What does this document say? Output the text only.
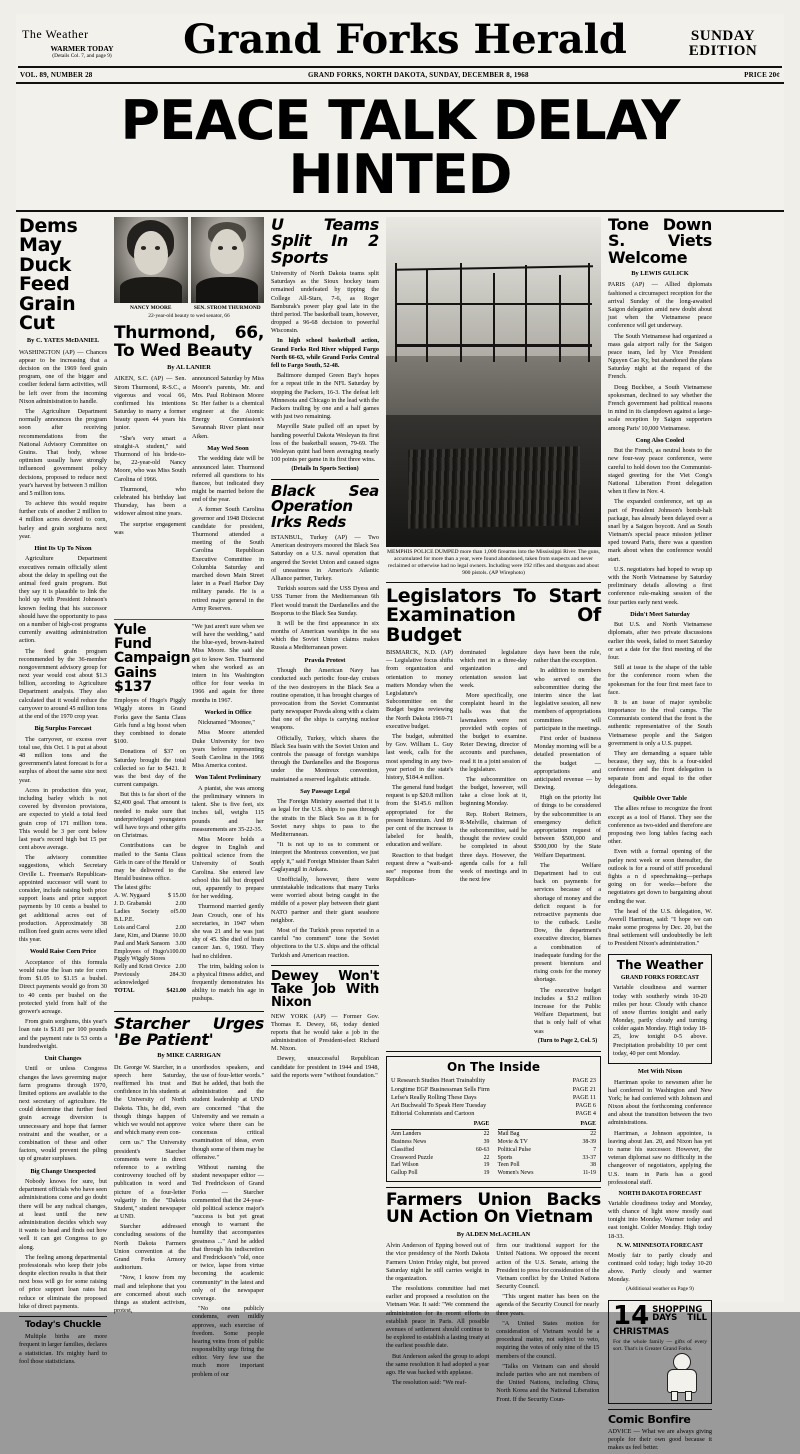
The Weather
WARMER TODAY
(Details Col. 7, and page 9)	Grand Forks Herald	SUNDAY
EDITION
VOL. 89, NUMBER 28	GRAND FORKS, NORTH DAKOTA, SUNDAY, DECEMBER 8, 1968	PRICE 20¢
PEACE TALK DELAY HINTED
Dems May Duck Feed Grain Cut
By C. YATES McDANIEL

WASHINGTON (AP) — Chances appear to be increasing that a decision on the 1969 feed grain program, one of the bigger and costlier federal farm activities, will be left over from the incoming Nixon administration to handle.

The Agriculture Department normally announces the program soon after receiving recommendations from the National Advisory Committee on Grains. That body, whose optimism usually have strongly influenced government policy decisions, proposed to reduce next year's harvest by between 3 million and 5 million tons.

To achieve this would require further cuts of another 2 million to 4 million acres devoted to corn, barley and grain sorghums next year.

Hint Its Up To Nixon

Agriculture Department executives remain officially silent about the delay in spelling out the animal feed grain program. But they say it is plausible to link the hold up with President Johnson's known feeling that his successor should have the opportunity to pass on a number of high-cost programs currently awaiting administration action.

The feed grain program recommended by the 36-member nongovernment advisory group for next year would cost about $1.3 billion, according to Agriculture Department analysis. They also calculated that it would reduce the carryover to around 45 million tons at the end of the 1970 crop year.

Big Surplus Forecast

The carryover, or excess over total use, this Oct. 1 is put at about 48 million tons and the government's latest forecast is for a surplus of about the same size next year.

Acres in production this year, including barley which is not covered by diversion provisions, are expected to yield a total feed grain crop of 171 million tons. This would be 3 per cent below last year's record high but 15 per cent above average.

The advisory committee suggestions, which Secretary Orville L. Freeman's Republican-appointed successor will want to consider, include raising both price support loans and price support payments by 10 cents a bushel to get additional acres out of production. Approximately 38 million feed grain acres were idled this year.

Would Raise Corn Price

Acceptance of this formula would raise the loan rate for corn from $1.05 to $1.15 a bushel. Direct payments would go from 30 to 40 cents per bushel on the protected yield from half of the grower's acreage.

From grain sorghums, this year's loan rate is $1.81 per 100 pounds and the payment rate is 53 cents a hundredweight.

Unit Changes

Until or unless Congress changes the laws governing major farm programs through 1970, limited options are available to the next secretary of agriculture. He could determine that further feed grain acreage diversion is unnecessary and hope that farmer restraint and the weather, or a combination of these and other factors, would prevent the piling up of greater surpluses.

Big Change Unexpected

Nobody knows for sure, but department officials who have seen administrations come and go doubt there will be any radical changes, at least until the new administration decides which way it wants to head and finds out how well it can get Congress to go along.

The feeling among departmental professionals who keep their jobs despite election results is that their next boss will go for some raising of price support loan rates but reduce or eliminate the proposed hike of direct payments.

Today's Chuckle

Multiple births are more frequent in larger families, declares a statistician. It's mighty hard to fool those statisticians.

NANCY MOORE	SEN. STROM THURMOND
22-year-old beauty to wed senator, 66
Thurmond, 66, To Wed Beauty
By AL LANIER

AIKEN, S.C. (AP) — Sen. Strom Thurmond, R-S.C., a vigorous and vocal 66, confirmed his intentions Saturday to marry a former beauty queen 44 years his junior.

"She's very smart a straight-A student," said Thurmond of his bride-to-be, 22-year-old Nancy Moore, who was Miss South Carolina of 1966.

Thurmond, who celebrated his birthday last Thursday, has been a widower almost nine years.

The surprise engagement was

announced Saturday by Miss Moore's parents, Mr. and Mrs. Paul Robinson Moore Sr. Her father is a chemical engineer at the Atomic Energy Commission's Savannah River plant near Aiken.

May Wed Soon

The wedding date will be announced later. Thurmond referred all questions to his fiancee, but indicated they might be married before the end of the year.

A former South Carolina governor and 1948 Dixiecrat candidate for president, Thurmond attended a meeting of the South Carolina Republican Executive Committee in Columbia Saturday and marched down Main Street later in a Pearl Harbor Day military parade. He is a retired major general in the Army Reserves.

Yule Fund Campaign Gains $137

Employes of Hugo's Piggly Wiggly stores in Grand Forks gave the Santa Claus Girls fund a big boost when they combined to donate $100.

Donations of $37 on Saturday brought the total collected so far to $421. It was the best day of the current campaign.

But this is far short of the $2,400 goal. That amount is needed to make sure that underprivileged youngsters will have toys and other gifts on Christmas.

Contributions can be mailed to the Santa Claus Girls in care of the Herald or may be delivered to the Herald business office.

The latest gifts:
A. W. Nygaard	$ 15.00
J. D. Grabanski	2.00
Ladies Society of B.L.P.E.
5.00
Lois and Carol	2.00
Jane, Kim, and Dianne 10.00
Paul and Mark Sansom 3.00
Employees of Hugo's Piggly Wiggly Stores
100.00
Kelly and Kristi Orvice 2.00
Previously acknowledged
284.30
TOTAL	$421.00

"We just aren't sure when we will have the wedding," said the blue-eyed, brown-haired Miss Moore. She said she got to know Sen. Thurmond when she worked as an intern in his Washington office for four weeks in 1966 and again for three months in 1967.

Worked in Office

Nicknamed "Moonee,"

Miss Moore attended Duke University for two years before representing South Carolina in the 1966 Miss America contest.

Won Talent Preliminary

A pianist, she was among the preliminary winners in talent. She is five feet, six inches tall, weighs 115 pounds and her measurements are 35-22-35.

Miss Moore holds a degree in English and political science from the University of South Carolina. She entered law school this fall but dropped out, apparently to prepare for her wedding.

Thurmond married gently Jean Crouch, one of his secretaries, in 1947 when she was 21 and he was just shy of 45. She died of brain cancer Jan. 6, 1960. They had no children.

The trim, balding solon is a physical fitness addict, and frequently demonstrates his ability to match his age in pushups.

Starcher Urges 'Be Patient'
By MIKE CARRIGAN

Dr. George W. Starcher, in a speech here Saturday, reaffirmed his trust and confidence in his students at the University of North Dakota. This, he did, even though things happen of which we would not approve and which many even con-

cern us." The University president's Starcher comments were in direct reference to a swirling controversy touched off by publication in word and picture of a four-letter vulgarity in the "Dakota Student," student newspaper at UND.

Starcher addressed concluding sessions of the North Dakota Farmers Union convention at the Grand Forks Armory auditorium.

"Now, I know from my mail and telephone that you are concerned about such things as student activism, protest,

unorthodox speakers, and the use of four-letter words." But he added, that both the administration and the student leadership at UND are concerned "that the University and we remain a voice where there can be concensus critical examination of ideas, even though some of them may be offensive."

Without naming the student newspaper editor — Ted Fredrickson of Grand Forks — Starcher commented that the 24-year-old political science major's "success is but yet great enough to warrant the humility that accompanies greatness ..." And he added that through his indiscretion and Fredrickson's "old, once or twice, lapse from virtue becoming the academic community" in the latest and only of the newspaper coverage.

"No one publicly condemns, even mildly approves, such exercise of freedom. Some people hearing veins from of public responsibility urge firing the editor. Very few use the much more important problem of our

U Teams Split In 2 Sports

University of North Dakota teams split Saturdays as the Sioux hockey team remained undefeated by tipping the College All-Stars, 7-6, as Roger Bamburak's power play goal late in the third period. The basketball team, however, dropped a 96-68 decision to powerful Wisconsin.

In high school basketball action, Grand Forks Red River whipped Fargo North 66-63, while Grand Forks Central fell to Fargo South, 52-48.

Baltimore dumped Green Bay's hopes for a repeat title in the NFL Saturday by stopping the Packers, 16-3. The defeat left Minnesota and Chicago in the lead with the Packers trailing by one and a half games with just two remaining.

Mayville State pulled off an upset by handing powerful Dakota Wesleyan its first loss of the basketball season, 79-69. The Wesleyan quint had been averaging nearly 100 points per game in its first three wins.

(Details In Sports Section)
Black Sea Operation Irks Reds

ISTANBUL, Turkey (AP) — Two American destroyers moored the Black Sea Saturday on a U.S. naval operation that angered the Soviet Union and caused signs of uneasiness in America's Atlantic Alliance partner, Turkey.

Turkish sources said the USS Dyess and USS Turner from the Mediterranean 6th Fleet would transit the Dardanelles and the Bosporus to the Black Sea Sunday.

It will be the first appearance in six months of American warships in the sea which the Soviet Union claims makes Russia a Mediterranean power.

Pravda Protest

Though the American Navy has conducted such periodic four-day cruises of the two destroyers in the Black Sea a routine operation, it has brought charges of provocation from the Soviet Communist party newspaper Pravda along with a claim that one of the ships is carrying nuclear weapons.

Officially, Turkey, which shares the Black Sea basin with the Soviet Union and controls the passage of foreign warships through the Dardanelles and the Bosporus under the Montreux convention, maintained a reserved legalistic attitude.

Say Passage Legal

The Foreign Ministry asserted that it is as legal for the U.S. ships to pass through the straits in the Black Sea as it is for Soviet navy ships to pass to the Mediterranean.

"It is not up to us to comment or interpret the Montreux convention, we just apply it," said Foreign Minister Ihsan Sabri Caglayangil in Ankara.

Unofficially, however, there were unmistakable indications that many Turks were worried about being caught in the middle of a power play between their giant NATO partner and their giant seashore neighbor.

Most of the Turkish press reported in a careful "no comment" tone the Soviet objections to the U.S. ships and the official Turkish and American reaction.

Dewey Won't Take Job With Nixon

NEW YORK (AP) — Former Gov. Thomas E. Dewey, 66, today denied reports that he would take a job in the administration of President-elect Richard M. Nixon.

Dewey, unsuccessful Republican candidate for president in 1944 and 1948, said the reports were "without foundation."

MEMPHIS POLICE DUMPED more than 1,000 firearms into the Mississippi River. The guns, accumulated for more than a year, were found abandoned, taken from suspects and never reclaimed or otherwise had no legal owners. Including were 192 rifles and shotguns and about 900 pistols. (AP Wirephoto)
Legislators To Start Examination Of Budget

BISMARCK, N.D. (AP) — Legislative focus shifts from organization and orientation to money matters Monday when the Legislature's Subcommittee on the Budget begins reviewing the North Dakota 1969-71 executive budget.

The budget, submitted by Gov. William L. Guy last week, calls for the most spending in any two-year period in the state's history, $184.4 million.

The general fund budget request is up $20.8 million from the $145.6 million appropriated for the present biennium. And 89 per cent of the increase is labeled for health, education and welfare.

Reaction to that budget request drew a "wait-and-see" response from the Republican-

dominated legislature which met in a three-day organization and orientation session last week.

More specifically, one complaint heard in the halls was that the lawmakers were not provided with copies of the budget to examine. Reier Dewing, director of accounts and purchases, read it in a joint session of the legislature.

The subcommittee on the budget, however, will take a close look at it, beginning Monday.

Rep. Robert Reimers, R-Melville, chairman of the subcommittee, said he thought the review could be completed in about three days. However, the agenda calls for a full week of meetings and in the next few

days have been the rule, rather than the exception.

In addition to members who served on the subcommittee during the interim since the last legislative session, all new members of appropriations committees will participate in the meetings.

First order of business Monday morning will be a detailed presentation of the budget — appropriations and anticipated revenue — by Dewing.

High on the priority list of things to be considered by the subcommittee is an emergency deficit appropriation request of between $500,000 and $500,000 by the State Welfare Department.

The Welfare Department had to cut back on payments for services because of a shortage of money and the deficit request is for retroactive payments due to the cutback. Leslie Dow, the department's executive director, blames a combination of inadequate funding for the present biennium and rising costs for the money shortage.

The executive budget includes a $3.2 million increase for the Public Welfare Department, but that is only half of what was

(Turn to Page 2, Col. 5)
On The Inside
U Research Studies Heart Trainability	PAGE 23
Longtime EGF Businessman Sells Firm	PAGE 21
Lefse's Really Rolling These Days	PAGE 11
Art Buchwald To Speak Here Tuesday	PAGE 6
Editorial Columnists and Cartoon	PAGE 4
PAGE
Ann Landers	22
Business News	39
Classified	60-63
Crossword Puzzle	22
Earl Wilson	19
Gallup Poll	19
PAGE
Mail Bag	22
Movie & TV	38-39
Political Pulse	7
Sports	33-37
Teen Poll	38
Women's News	11-19
Farmers Union Backs UN Action On Vietnam
By ALDEN McLACHLAN

Alvin Anderson of Epping bowed out of the vice presidency of the North Dakota Farmers Union Friday night, but proved Saturday night he still carries weight in the organization.

The resolutions committee had met earlier and proposed a resolution on the Vietnam War. It said: "We commend the administration for its recent efforts to establish peace in Paris. All possible avenues of settlement should continue to be explored to establish a lasting treaty at the earliest possible date.

But Anderson asked the group to adopt the same resolution it had adopted a year ago. He was backed with applause.

The resolution said: "We reaf-

firm our traditional support for the United Nations. We opposed the recent action of the U.S. Senate, arising the President to press for consideration of the Vietnam conflict by the United Nations Security Council.

"This urgent matter has been on the agenda of the Security Council for nearly three years.

"A United States motion for consideration of Vietnam would be a procedural matter, not subject to veto, requiring the votes of only nine of the 15 members of the council.

"Talks on Vietnam can and should include parties who are not members of the United Nations, including China, North Korea and the National Liberation Front. If the Security Coun-

Tone Down S. Viets Welcome
By LEWIS GULICK

PARIS (AP) — Allied diplomats fashioned a circumspect reception for the arrival Sunday of the long-awaited Saigon delegation amid new doubt about just when the Vietnamese peace conference will get underway.

The South Vietnamese had organized a mass gala airport rally for the Saigon peace team, led by Vice President Nguyen Cao Ky, but abandoned the plans Saturday night at the request of the French.

Doug Buckbee, a South Vietnamese spokesman, declined to say whether the French government had political reasons in mind in its clampdown against a large-scale reception by Saigon supporters among Paris' 10,000 Vietnamese.

Cong Also Cooled

But the French, as neutral hosts to the new four-way peace conference, were careful to hold down too the Communist-staged greeting for the Viet Cong's National Liberation Front delegation when it flew in Nov. 4.

The expanded conference, set up as part of President Johnson's bomb-halt package, has already been delayed over a snarl by a Saigon boycott. And as South Vietnam's special peace mission jetliner sped toward Paris, there was a question mark about when the conference would start.

U.S. negotiators had hoped to wrap up with the North Vietnamese by Saturday preliminary details allowing a first conference rule-making session of the four parties early next week.

Didn't Meet Saturday

But U.S. and North Vietnamese diplomats, after two private discussions earlier this week, failed to meet Saturday or set a date for the first meeting of the four.

Still at issue is the shape of the table for the conference room when the spokesman for the four first meet face to face.

It is an issue of major symbolic importance to the rival camps. The Communists contend that the front is the authentic representative of the South Vietnamese people and the Saigon government is only a U.S. puppet.

They are demanding a square table because, they say, this is a four-sided conference and the front delegation is separate from and equal to the other delegations.

Quibble Over Table

The allies refuse to recognize the front except as a tool of Hanoi. They see the conference as two-sided and therefore are proposing two long tables facing each other.

Even with a formal opening of the parley next week or soon thereafter, the outlook is for a round of stiff procedural fights a n d speechmaking—perhaps going on for weeks—before the negotiators get down to bargaining about ending the war.

The head of the U.S. delegation, W. Averell Harriman, said: "I hope we can make some progress by Dec. 20, but the final settlement will undoubtedly be left to President Nixon's administration."

The Weather
GRAND FORKS FORECAST

Variable cloudiness and warmer today with southerly winds 10-20 miles per hour. Cloudy with chance of snow flurries tonight and early Monday, partly cloudy and turning colder again Monday. High today 18-25, low tonight 0-5 above. Precipitation probability 10 per cent today, 40 per cent Monday.

Met With Nixon

Harriman spoke to newsmen after he had conferred in Washington and New York; he had conferred with Johnson and Nixon about the forthcoming conference and about the transition between the two administrations.

Harriman, a Johnson appointee, is leaving about Jan. 20, and Nixon has yet to name his successor. However, the veteran diplomat saw no difficulty in the changeover of negotiators, applying the U.S. team in Paris has a good professional staff.

NORTH DAKOTA FORECAST

Variable cloudiness today and Monday, with chance of light snow mostly east tonight into Monday. Warmer today and east tonight. Colder Monday. High today 18-33.

N. W. MINNESOTA FORECAST

Mostly fair to partly cloudy and continued cold today; high today 10-20 above. Partly cloudy and warmer Monday.

(Additional weather on Page 9)
14 SHOPPING DAYS TILL CHRISTMAS
For the whole family — gifts of every sort. That's in Greater Grand Forks.
Comic Bonfire

ADVICE — What we are always giving people for their own good because it makes us feel better.
